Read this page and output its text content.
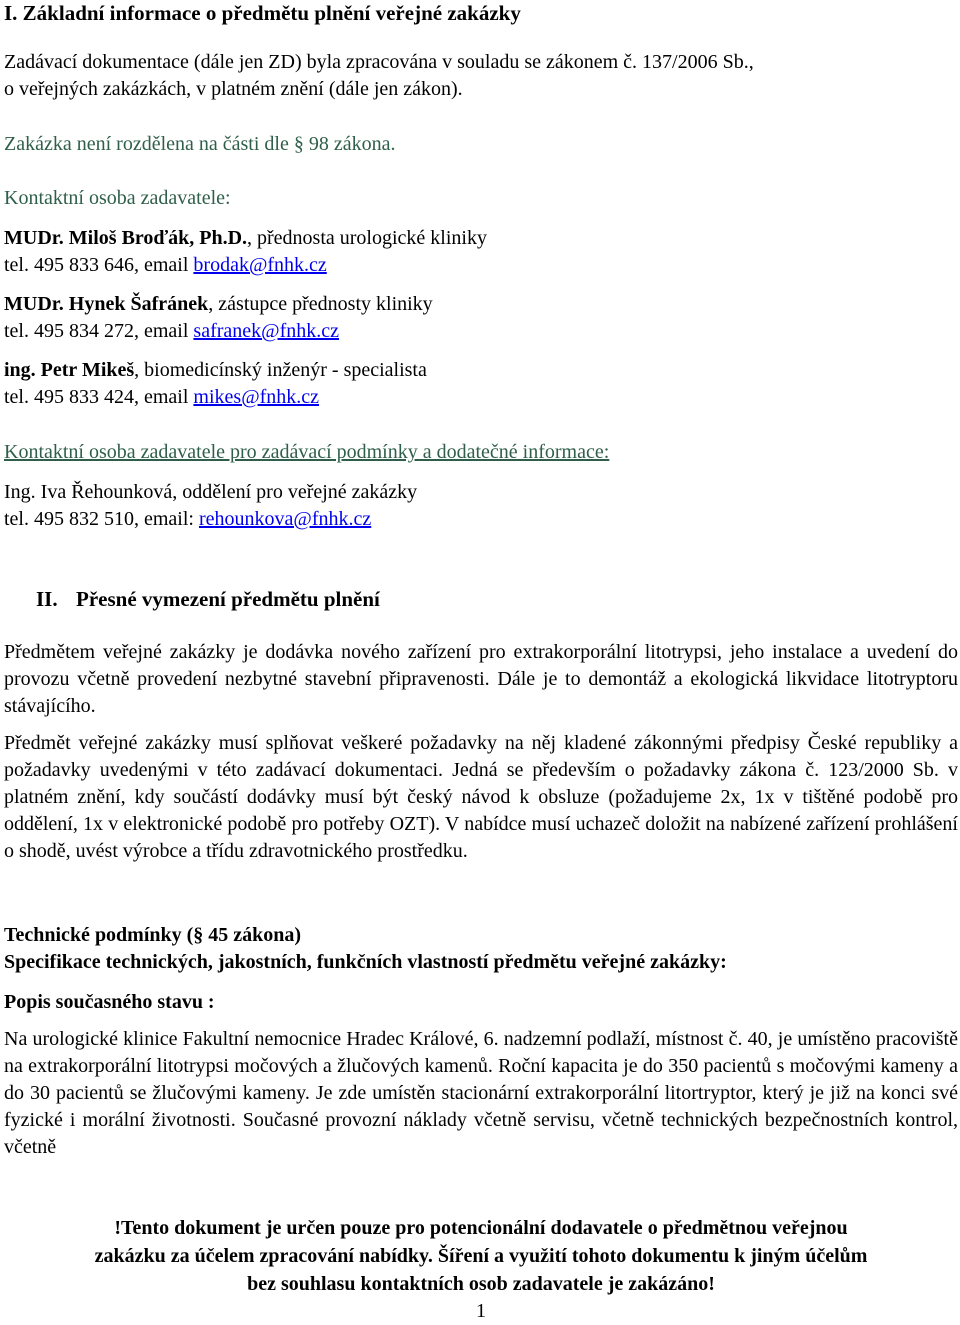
I. Základní informace o předmětu plnění veřejné zakázky
Zadávací dokumentace (dále jen ZD) byla zpracována v souladu se zákonem č. 137/2006 Sb.,
o veřejných zakázkách, v platném znění (dále jen zákon).
Zakázka není rozdělena na části dle § 98 zákona.
Kontaktní osoba zadavatele:
MUDr. Miloš Broďák, Ph.D., přednosta urologické kliniky
tel. 495 833 646, email brodak@fnhk.cz
MUDr. Hynek Šafránek, zástupce přednosty kliniky
tel. 495 834 272, email safranek@fnhk.cz
ing. Petr Mikeš, biomedicínský inženýr - specialista
tel. 495 833 424, email mikes@fnhk.cz
Kontaktní osoba zadavatele pro zadávací podmínky a dodatečné informace:
Ing. Iva Řehounková, oddělení pro veřejné zakázky
tel. 495 832 510, email: rehounkova@fnhk.cz
II. Přesné vymezení předmětu plnění
Předmětem veřejné zakázky je dodávka nového zařízení pro extrakorporální litotrypsi, jeho instalace a uvedení do provozu včetně provedení nezbytné stavební připravenosti. Dále je to demontáž a ekologická likvidace litotryptoru stávajícího.
Předmět veřejné zakázky musí splňovat veškeré požadavky na něj kladené zákonnými předpisy České republiky a požadavky uvedenými v této zadávací dokumentaci. Jedná se především o požadavky zákona č. 123/2000 Sb. v platném znění, kdy součástí dodávky musí být český návod k obsluze (požadujeme 2x, 1x v tištěné podobě pro oddělení, 1x v elektronické podobě pro potřeby OZT). V nabídce musí uchazeč doložit na nabízené zařízení prohlášení o shodě, uvést výrobce a třídu zdravotnického prostředku.
Technické podmínky (§ 45 zákona)
Specifikace technických, jakostních, funkčních vlastností předmětu veřejné zakázky:
Popis současného stavu :
Na urologické klinice Fakultní nemocnice Hradec Králové, 6. nadzemní podlaží, místnost č. 40, je umístěno pracoviště na extrakorporální litotrypsi močových a žlučových kamenů. Roční kapacita je do 350 pacientů s močovými kameny a do 30 pacientů se žlučovými kameny. Je zde umístěn stacionární extrakorporální litortryptor, který je již na konci své fyzické i morální životnosti. Současné provozní náklady včetně servisu, včetně technických bezpečnostních kontrol, včetně
!Tento dokument je určen pouze pro potencionální dodavatele o předmětnou veřejnou
zakázku za účelem zpracování nabídky. Šíření a využití tohoto dokumentu k jiným účelům
bez souhlasu kontaktních osob zadavatele je zakázáno!
1
